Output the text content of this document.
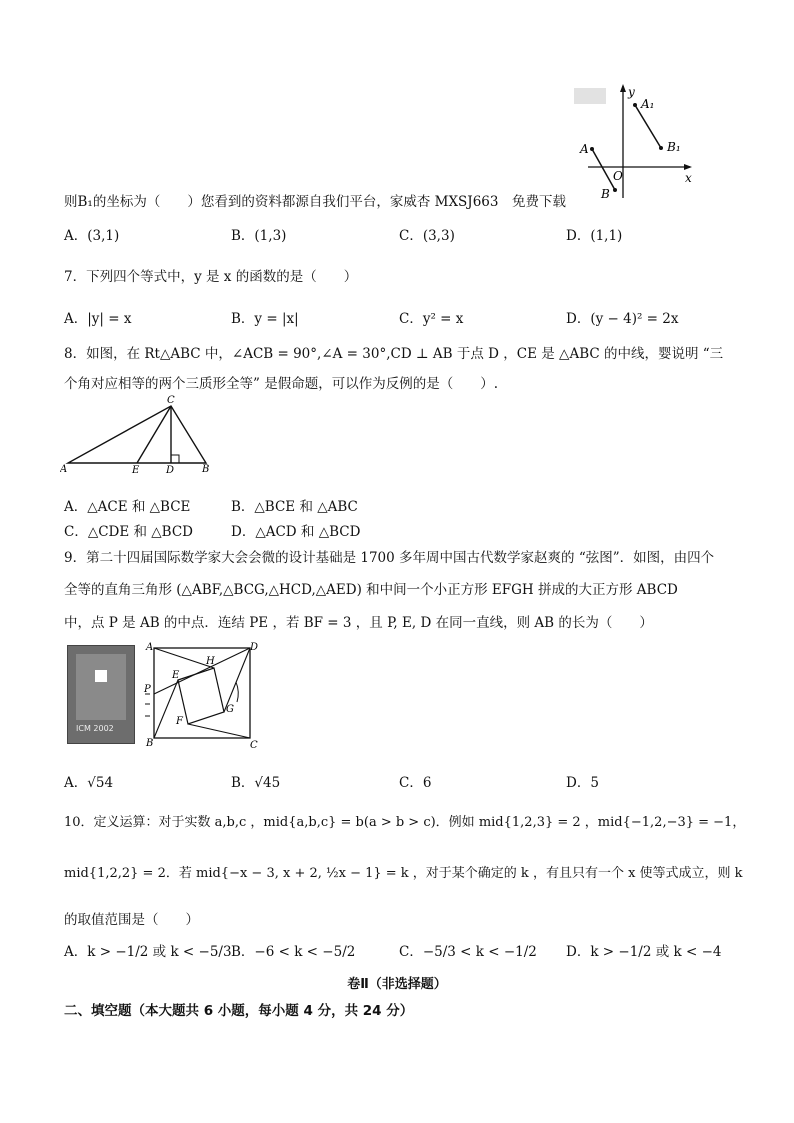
y
x
O
A
B
A₁
B₁
则B₁的坐标为（　　）您看到的资料都源自我们平台，家威杏 MXSJ663　免费下载
A．(3,1)	B．(1,3)	C．(3,3)	D．(1,1)
7．下列四个等式中，y 是 x 的函数的是（　　）
A．|y| = x	B．y = |x|	C．y² = x	D．(y − 4)² = 2x
8．如图，在 Rt△ABC 中，∠ACB = 90°,∠A = 30°,CD ⊥ AB 于点 D ，CE 是 △ABC 的中线，婴说明 “三
个角对应相等的两个三质形全等” 是假命题，可以作为反例的是（　　）.
A	B
C
D
E
A．△ACE 和 △BCE	B．△BCE 和 △ABC
C．△CDE 和 △BCD	D．△ACD 和 △BCD
9．第二十四届国际数学家大会会微的设计基础是 1700 多年周中国古代数学家赵爽的 “弦图”．如图，由四个
全等的直角三角形 (△ABF,△BCG,△HCD,△AED) 和中间一个小正方形 EFGH 拼成的大正方形 ABCD
中，点 P 是 AB 的中点．连结 PE ，若 BF = 3 ，且 P, E, D 在同一直线，则 AB 的长为（　　）
ICM 2002
A
B	C
D
P
E
F
G
H
A．√54	B．√45	C．6	D．5
10．定义运算：对于实数 a,b,c ，mid{a,b,c} = b(a > b > c)．例如 mid{1,2,3} = 2 ，mid{−1,2,−3} = −1，
mid{1,2,2} = 2．若 mid{−x − 3, x + 2, ½x − 1} = k ，对于某个确定的 k ，有且只有一个 x 使等式成立，则 k
的取值范围是（　　）
A．k > −1/2 或 k < −5/3 B．−6 < k < −5/2	C．−5/3 < k < −1/2 D．k > −1/2 或 k < −4
卷Ⅱ（非选择题）
二、填空题（本大题共 6 小题，每小题 4 分，共 24 分）
